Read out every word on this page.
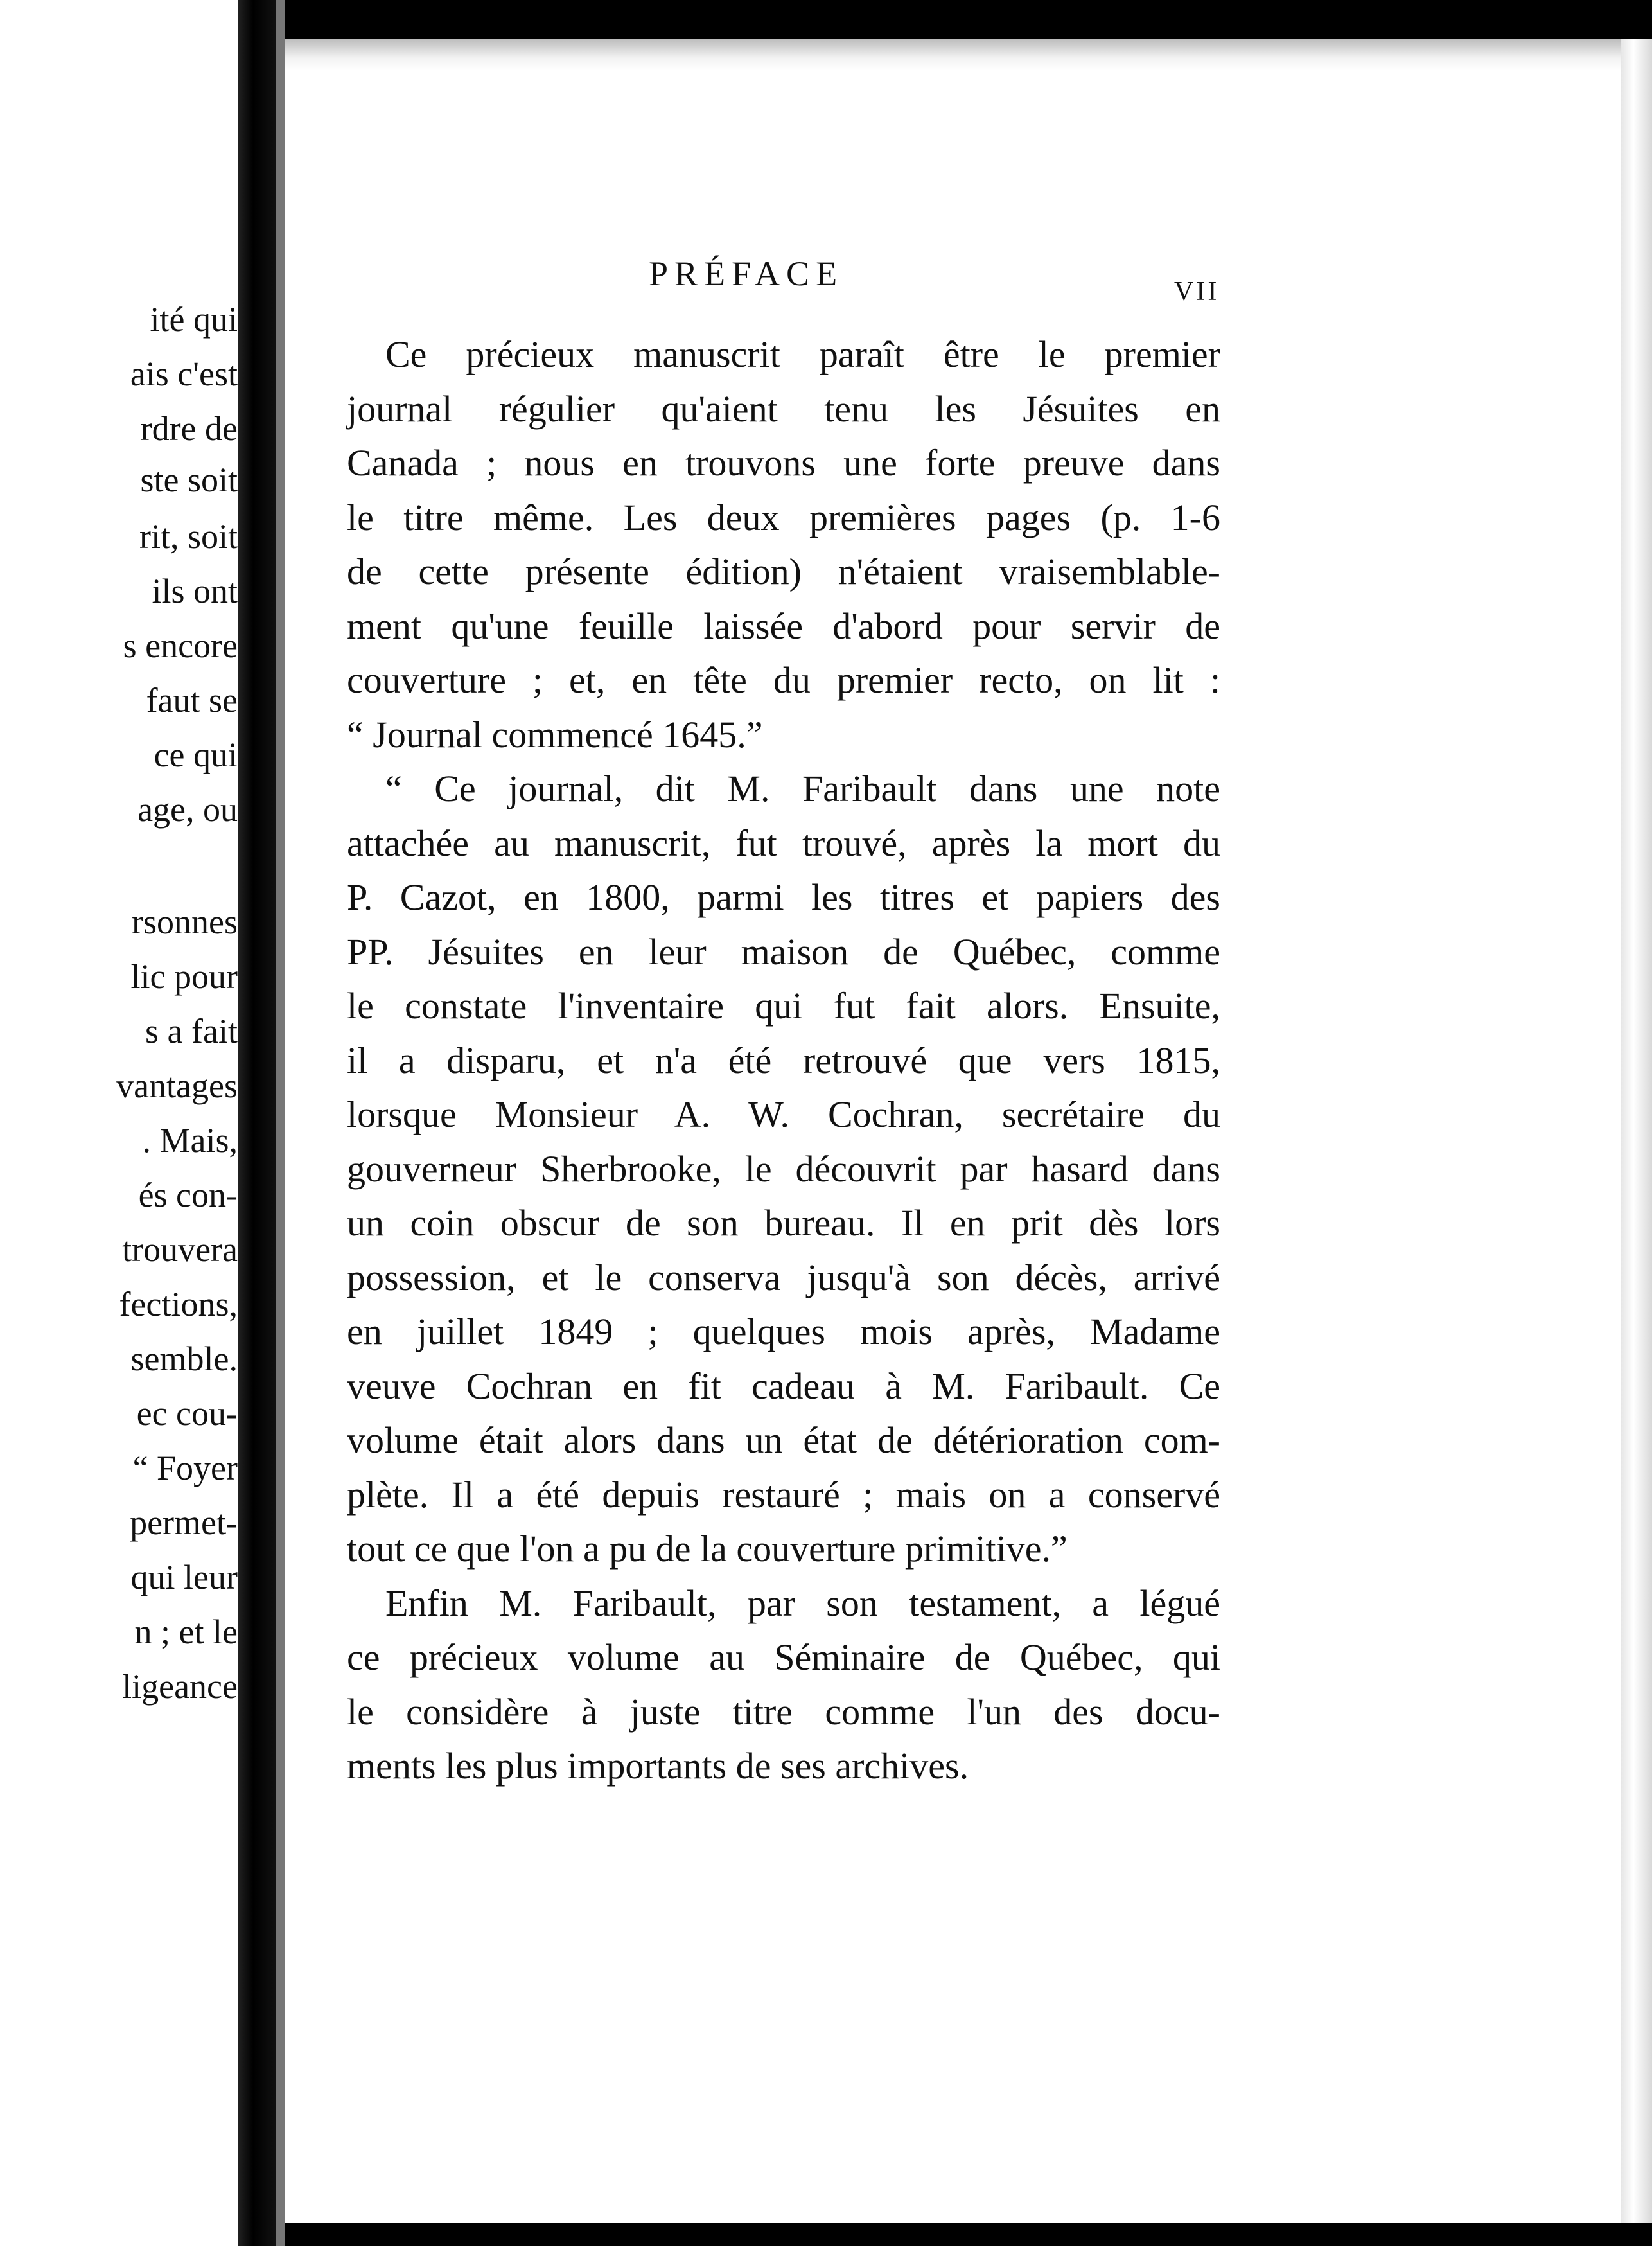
ité qui
ais c'est
rdre de
ste soit
rit, soit
ils ont
s encore
faut se
ce qui
age, ou
rsonnes
lic pour
s a fait
vantages
. Mais,
és con-
trouvera
fections,
semble.
ec cou-
“ Foyer
permet-
qui leur
n ; et le
ligeance
PRÉFACE	VII
Ce précieux manuscrit paraît être le premier
journal régulier qu'aient tenu les Jésuites en
Canada ; nous en trouvons une forte preuve dans
le titre même. Les deux premières pages (p. 1-6
de cette présente édition) n'étaient vraisemblable-
ment qu'une feuille laissée d'abord pour servir de
couverture ; et, en tête du premier recto, on lit :
“ Journal commencé 1645.”
“ Ce journal, dit M. Faribault dans une note
attachée au manuscrit, fut trouvé, après la mort du
P. Cazot, en 1800, parmi les titres et papiers des
PP. Jésuites en leur maison de Québec, comme
le constate l'inventaire qui fut fait alors. Ensuite,
il a disparu, et n'a été retrouvé que vers 1815,
lorsque Monsieur A. W. Cochran, secrétaire du
gouverneur Sherbrooke, le découvrit par hasard dans
un coin obscur de son bureau. Il en prit dès lors
possession, et le conserva jusqu'à son décès, arrivé
en juillet 1849 ; quelques mois après, Madame
veuve Cochran en fit cadeau à M. Faribault. Ce
volume était alors dans un état de détérioration com-
plète. Il a été depuis restauré ; mais on a conservé
tout ce que l'on a pu de la couverture primitive.”
Enfin M. Faribault, par son testament, a légué
ce précieux volume au Séminaire de Québec, qui
le considère à juste titre comme l'un des docu-
ments les plus importants de ses archives.
